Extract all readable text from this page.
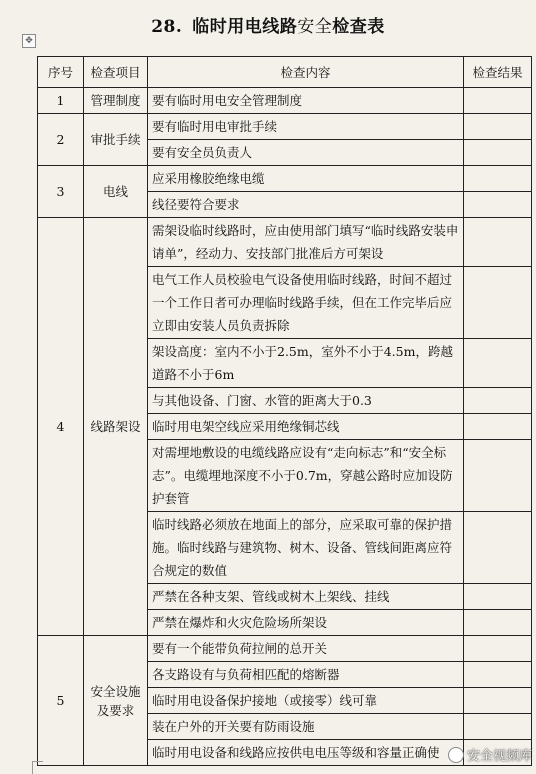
28. 临时用电线路安全检查表
✥
序号	检查项目	检查内容	检查结果
1	管理制度	要有临时用电安全管理制度	
2	审批手续	要有临时用电审批手续	
		要有安全员负责人	
3	电线	应采用橡胶绝缘电缆	
		线径要符合要求	
4	线路架设	需架设临时线路时，应由使用部门填写“临时线路安装申请单”，经动力、安技部门批准后方可架设	
		电气工作人员校验电气设备使用临时线路，时间不超过一个工作日者可办理临时线路手续，但在工作完毕后应立即由安装人员负责拆除	
		架设高度：室内不小于2.5m，室外不小于4.5m，跨越道路不小于6m	
		与其他设备、门窗、水管的距离大于0.3	
		临时用电架空线应采用绝缘铜芯线	
		对需埋地敷设的电缆线路应设有“走向标志”和“安全标志”。电缆埋地深度不小于0.7m，穿越公路时应加设防护套管	
		临时线路必须放在地面上的部分，应采取可靠的保护措施。临时线路与建筑物、树木、设备、管线间距离应符合规定的数值	
		严禁在各种支架、管线或树木上架线、挂线	
		严禁在爆炸和火灾危险场所架设	
5	安全设施及要求	要有一个能带负荷拉闸的总开关	
		各支路设有与负荷相匹配的熔断器	
		临时用电设备保护接地（或接零）线可靠	
		装在户外的开关要有防雨设施	
		临时用电设备和线路应按供电电压等级和容量正确使	安全视频库
